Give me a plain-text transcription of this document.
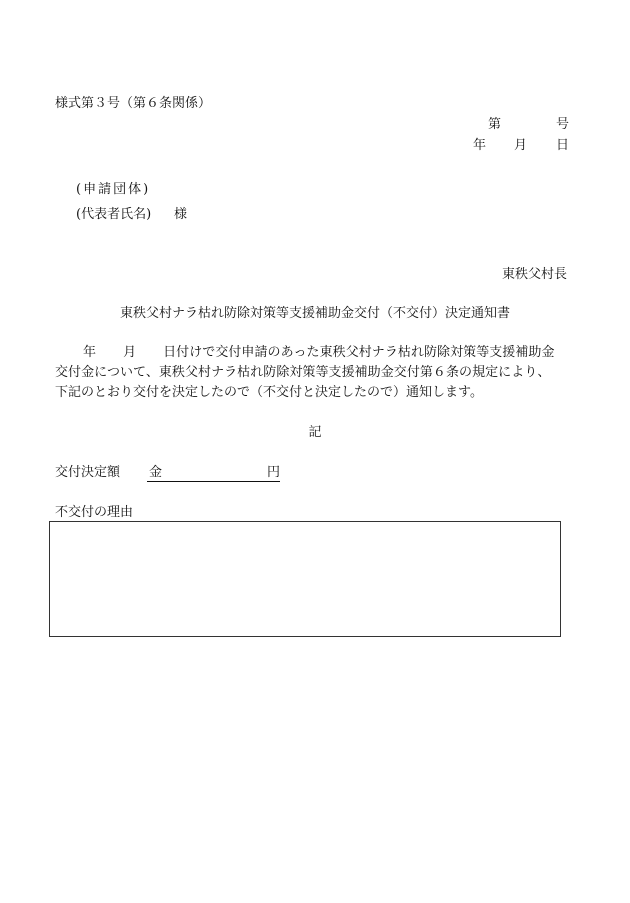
様式第３号（第６条関係）
第	号
年 月 日
(申請団体)
(代表者氏名) 様
東秩父村長
東秩父村ナラ枯れ防除対策等支援補助金交付（不交付）決定通知書
年 月 日付けで交付申請のあった東秩父村ナラ枯れ防除対策等支援補助金
交付金について、東秩父村ナラ枯れ防除対策等支援補助金交付第６条の規定により、
下記のとおり交付を決定したので（不交付と決定したので）通知します。
記
交付決定額 金	円
不交付の理由
